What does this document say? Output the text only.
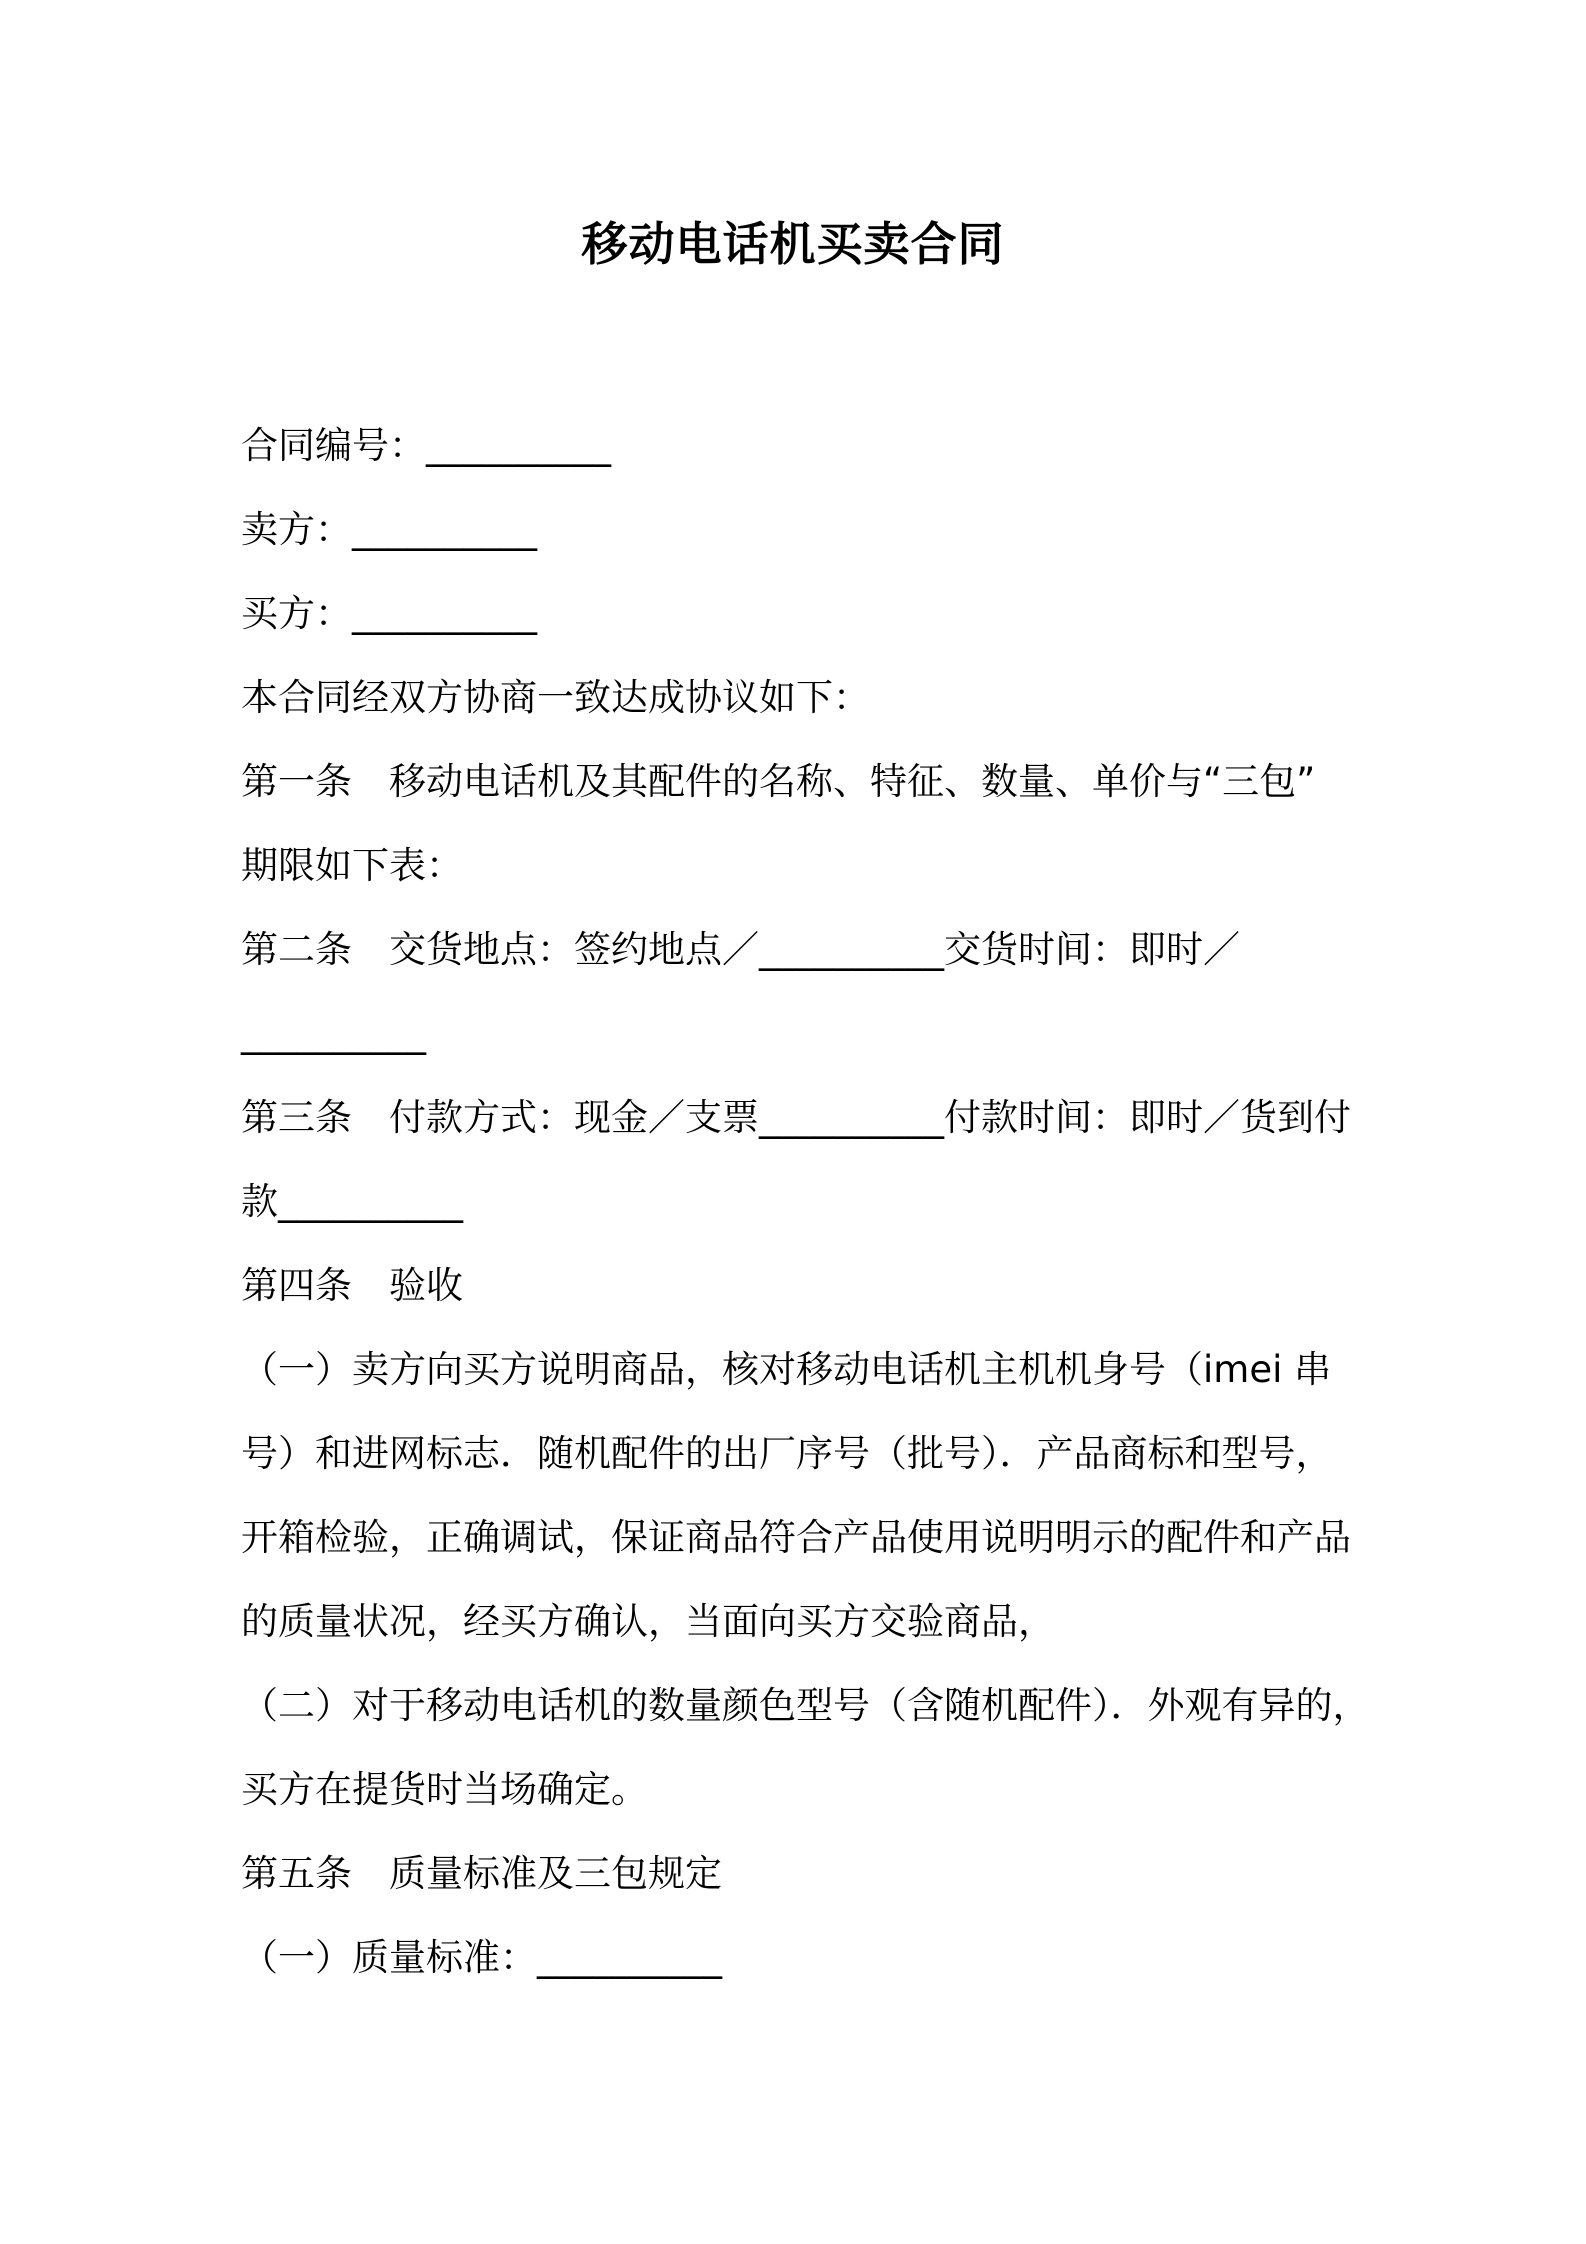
移动电话机买卖合同
合同编号：__________
卖方：__________
买方：__________
本合同经双方协商一致达成协议如下：
第一条　移动电话机及其配件的名称、特征、数量、单价与“三包”
期限如下表：
第二条　交货地点：签约地点／__________交货时间：即时／
__________
第三条　付款方式：现金／支票__________付款时间：即时／货到付
款__________
第四条　验收
（一）卖方向买方说明商品，核对移动电话机主机机身号（imei 串
号）和进网标志．随机配件的出厂序号（批号）．产品商标和型号，
开箱检验，正确调试，保证商品符合产品使用说明明示的配件和产品
的质量状况，经买方确认，当面向买方交验商品，
（二）对于移动电话机的数量颜色型号（含随机配件）．外观有异的，
买方在提货时当场确定。
第五条　质量标准及三包规定
（一）质量标准：__________
